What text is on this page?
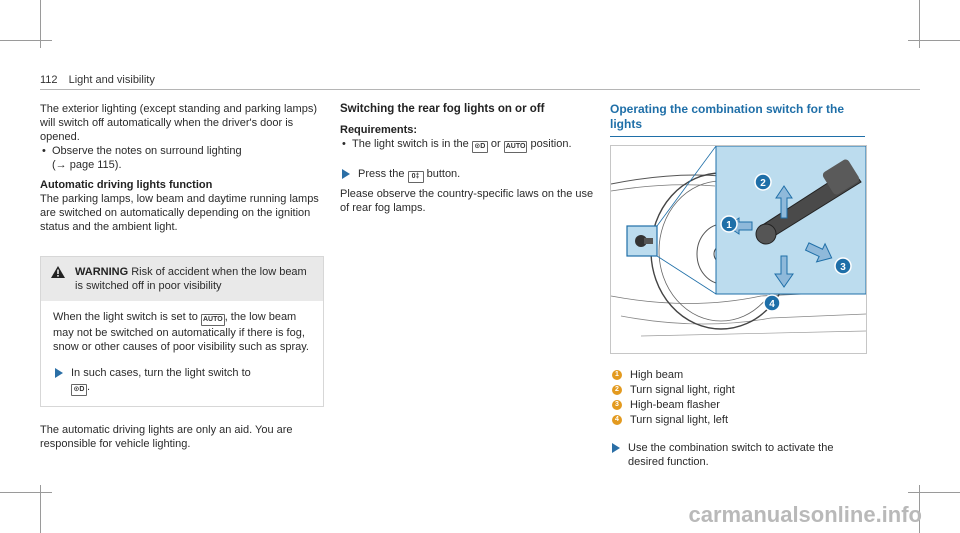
112 Light and visibility

The exterior lighting (except standing and parking lamps) will switch off automatically when the driver's door is opened.

• Observe the notes on surround lighting
(→ page 115).

Automatic driving lights function

The parking lamps, low beam and daytime running lamps are switched on automatically depending on the ignition status and the ambient light.

WARNING Risk of accident when the low beam is switched off in poor visibility

When the light switch is set to AUTO , the low beam may not be switched on automatically if there is fog, snow or other causes of poor visibility such as spray.

In such cases, turn the light switch to
⊙D .

The automatic driving lights are only an aid. You are responsible for vehicle lighting.

Switching the rear fog lights on or off

Requirements:

• The light switch is in the ⊙D or AUTO position.

Press the 0‡ button.

Please observe the country-specific laws on the use of rear fog lamps.

Operating the combination switch for the lights

1
2
3
4

1 High beam

2 Turn signal light, right

3 High-beam flasher

4 Turn signal light, left

Use the combination switch to activate the desired function.

carmanualsonline.info
